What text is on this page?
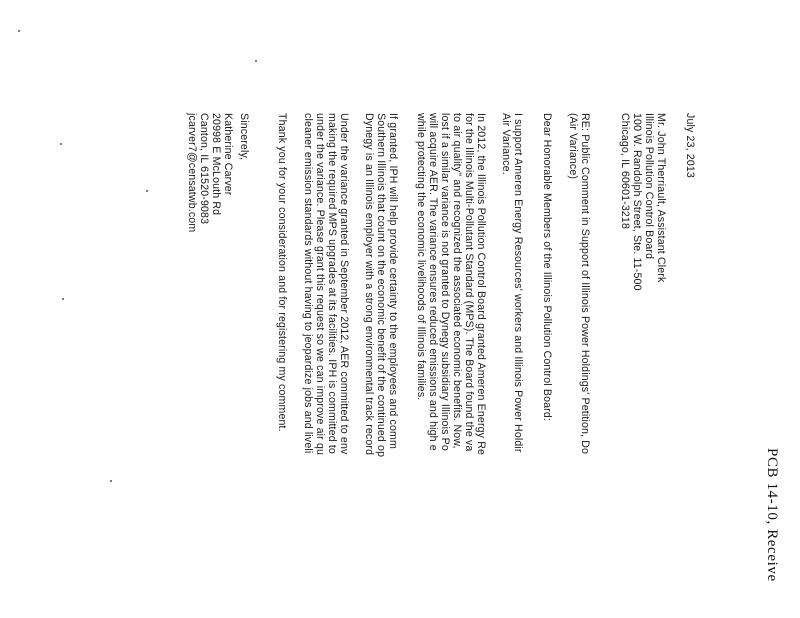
PCB 14-10, Receive
July 23, 2013
Mr. John Therriault, Assistant Clerk
Illinois Pollution Control Board
100 W. Randolph Street, Ste. 11-500
Chicago, IL 60601-3218
RE: Public Comment in Support of Illinois Power Holdings' Petition, Do
(Air Variance)
Dear Honorable Members of the Illinois Pollution Control Board:
I support Ameren Energy Resources' workers and Illinois Power Holdir
Air Variance.
In 2012, the Illinois Pollution Control Board granted Ameren Energy Re
for the Illinois Multi-Pollutant Standard (MPS). The Board found the va
to air quality" and recognized the associated economic benefits. Now,
lost if a similar variance is not granted to Dynegy subsidiary Illinois Po
will acquire AER. The variance ensures reduced emissions and high e
while protecting the economic livelihoods of Illinois families.
If granted, IPH will help provide certainty to the employees and comm
Southern Illinois that count on the economic benefit of the continued op
Dynegy is an Illinois employer with a strong environmental track record
Under the variance granted in September 2012, AER committed to env
making the required MPS upgrades at its facilities. IPH is committed to
under the variance. Please grant this request so we can improve air qu
cleaner emission standards without having to jeopardize jobs and liveli
Thank you for your consideration and for registering my comment.
Sincerely,
Katherine Carver
20998 E McLouth Rd
Canton, IL 61520-9083
jcarver7@censatwb.com
